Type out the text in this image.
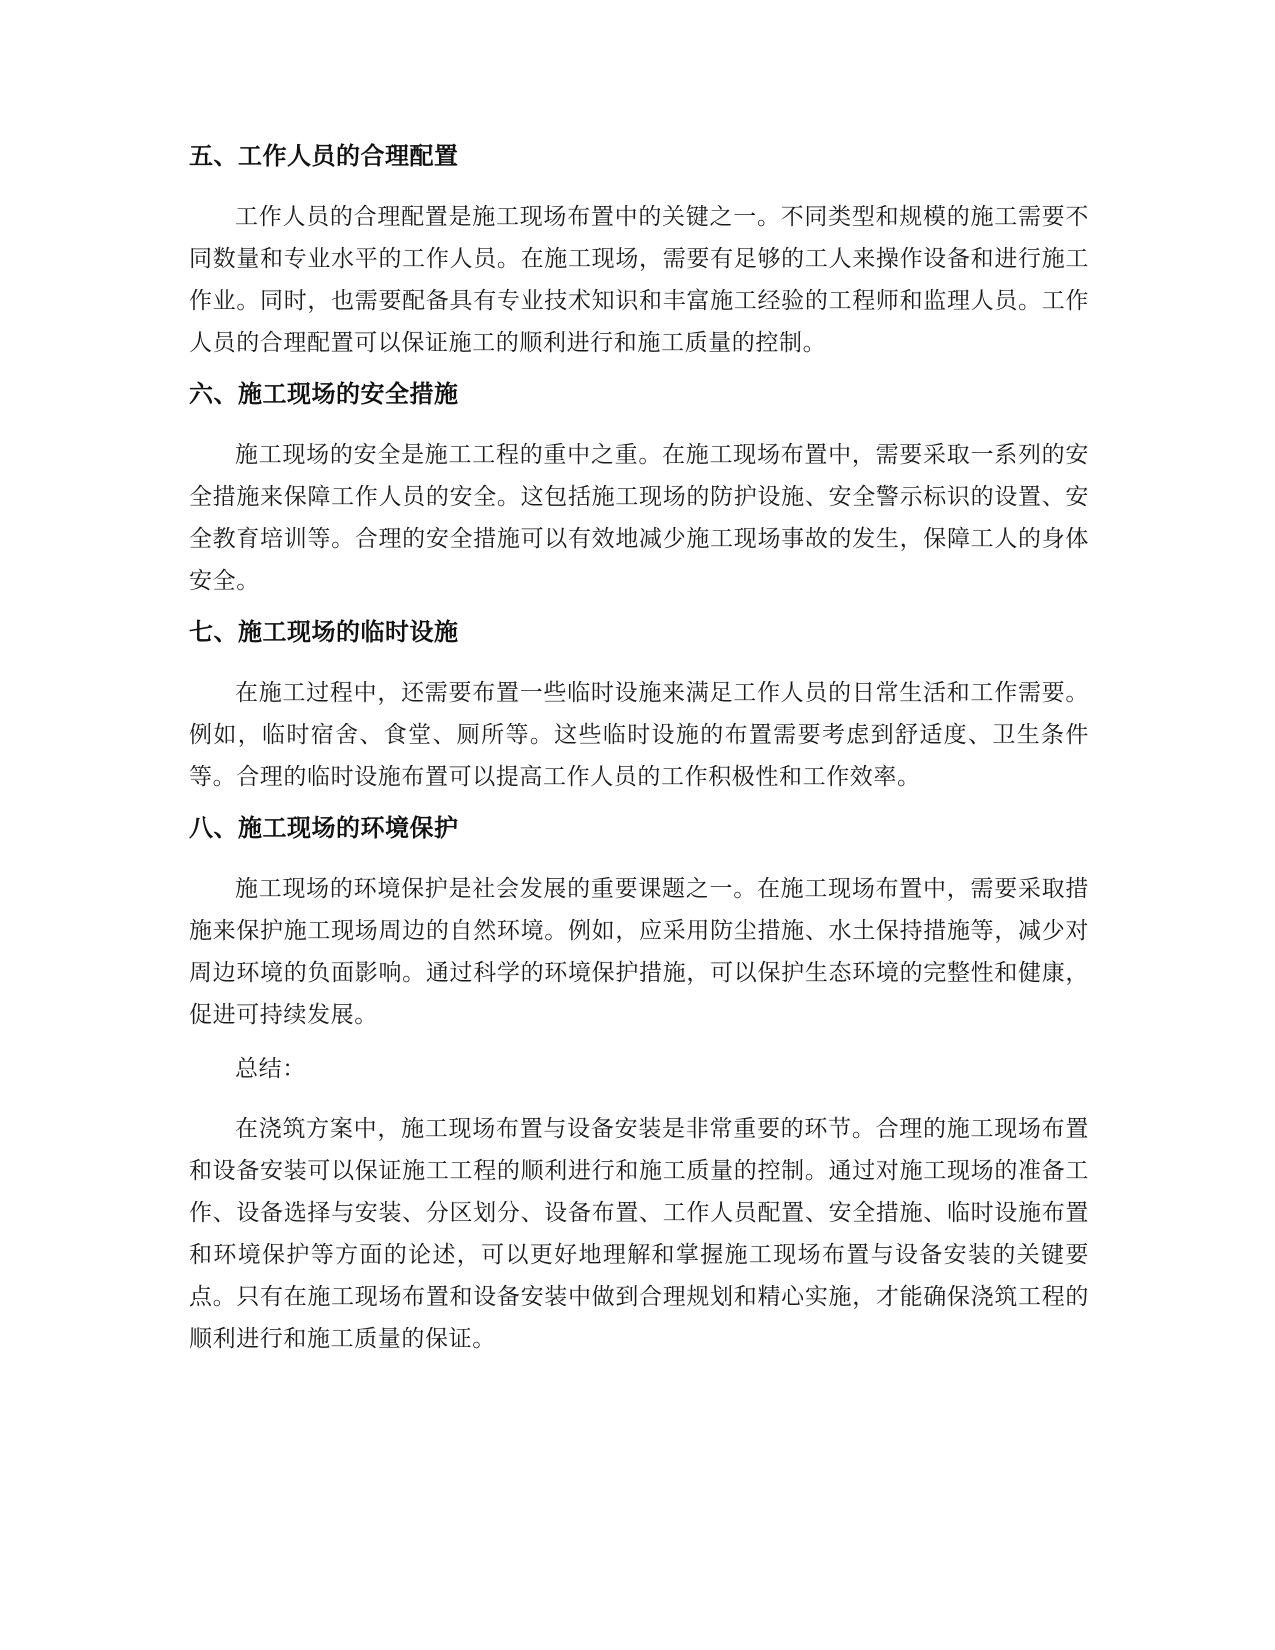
五、工作人员的合理配置

工作人员的合理配置是施工现场布置中的关键之一。不同类型和规模的施工需要不同数量和专业水平的工作人员。在施工现场，需要有足够的工人来操作设备和进行施工作业。同时，也需要配备具有专业技术知识和丰富施工经验的工程师和监理人员。工作人员的合理配置可以保证施工的顺利进行和施工质量的控制。

六、施工现场的安全措施

施工现场的安全是施工工程的重中之重。在施工现场布置中，需要采取一系列的安全措施来保障工作人员的安全。这包括施工现场的防护设施、安全警示标识的设置、安全教育培训等。合理的安全措施可以有效地减少施工现场事故的发生，保障工人的身体安全。

七、施工现场的临时设施

在施工过程中，还需要布置一些临时设施来满足工作人员的日常生活和工作需要。例如，临时宿舍、食堂、厕所等。这些临时设施的布置需要考虑到舒适度、卫生条件等。合理的临时设施布置可以提高工作人员的工作积极性和工作效率。

八、施工现场的环境保护

施工现场的环境保护是社会发展的重要课题之一。在施工现场布置中，需要采取措施来保护施工现场周边的自然环境。例如，应采用防尘措施、水土保持措施等，减少对周边环境的负面影响。通过科学的环境保护措施，可以保护生态环境的完整性和健康，促进可持续发展。

总结：

在浇筑方案中，施工现场布置与设备安装是非常重要的环节。合理的施工现场布置和设备安装可以保证施工工程的顺利进行和施工质量的控制。通过对施工现场的准备工作、设备选择与安装、分区划分、设备布置、工作人员配置、安全措施、临时设施布置和环境保护等方面的论述，可以更好地理解和掌握施工现场布置与设备安装的关键要点。只有在施工现场布置和设备安装中做到合理规划和精心实施，才能确保浇筑工程的顺利进行和施工质量的保证。
